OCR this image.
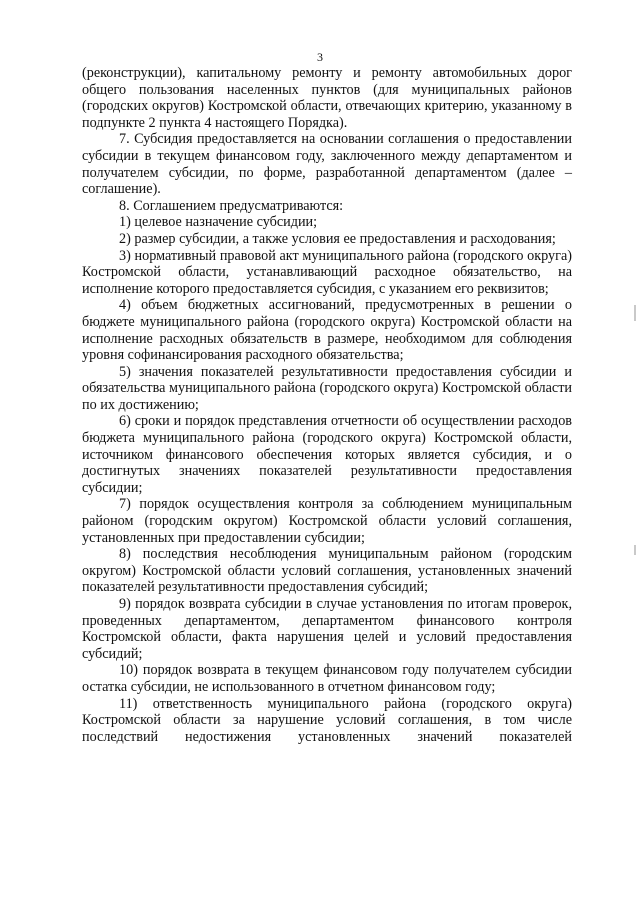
3

(реконструкции), капитальному ремонту и ремонту автомобильных дорог общего пользования населенных пунктов (для муниципальных районов (городских округов) Костромской области, отвечающих критерию, указанному в подпункте 2 пункта 4 настоящего Порядка).

7. Субсидия предоставляется на основании соглашения о предоставлении субсидии в текущем финансовом году, заключенного между департаментом и получателем субсидии, по форме, разработанной департаментом (далее – соглашение).

8. Соглашением предусматриваются:

1) целевое назначение субсидии;

2) размер субсидии, а также условия ее предоставления и расходования;

3) нормативный правовой акт муниципального района (городского округа) Костромской области, устанавливающий расходное обязательство, на исполнение которого предоставляется субсидия, с указанием его реквизитов;

4) объем бюджетных ассигнований, предусмотренных в решении о бюджете муниципального района (городского округа) Костромской области на исполнение расходных обязательств в размере, необходимом для соблюдения уровня софинансирования расходного обязательства;

5) значения показателей результативности предоставления субсидии и обязательства муниципального района (городского округа) Костромской области по их достижению;

6) сроки и порядок представления отчетности об осуществлении расходов бюджета муниципального района (городского округа) Костромской области, источником финансового обеспечения которых является субсидия, и о достигнутых значениях показателей результативности предоставления субсидии;

7) порядок осуществления контроля за соблюдением муниципальным районом (городским округом) Костромской области условий соглашения, установленных при предоставлении субсидии;

8) последствия несоблюдения муниципальным районом (городским округом) Костромской области условий соглашения, установленных значений показателей результативности предоставления субсидий;

9) порядок возврата субсидии в случае установления по итогам проверок, проведенных департаментом, департаментом финансового контроля Костромской области, факта нарушения целей и условий предоставления субсидий;

10) порядок возврата в текущем финансовом году получателем субсидии остатка субсидии, не использованного в отчетном финансовом году;

11) ответственность муниципального района (городского округа) Костромской области за нарушение условий соглашения, в том числе последствий недостижения установленных значений показателей
